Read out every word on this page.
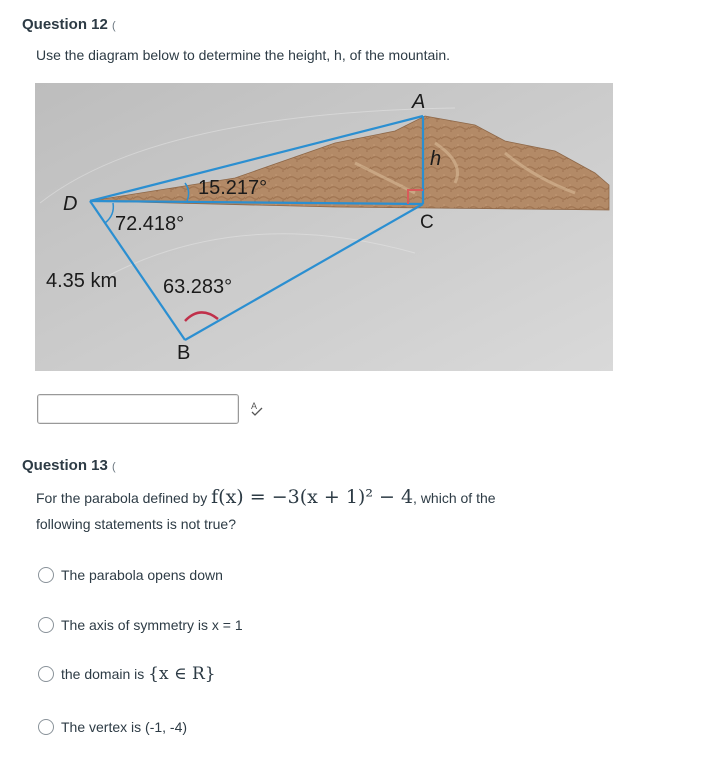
Question 12 (
Use the diagram below to determine the height, h, of the mountain.
A
h
C
D
15.217°
72.418°
4.35 km 63.283°
B
A
Question 13 (
For the parabola defined by f(x) = −3(x + 1)² − 4, which of the
following statements is not true?
The parabola opens down
The axis of symmetry is x = 1
the domain is
{x ∈ R}
The vertex is (-1, -4)
